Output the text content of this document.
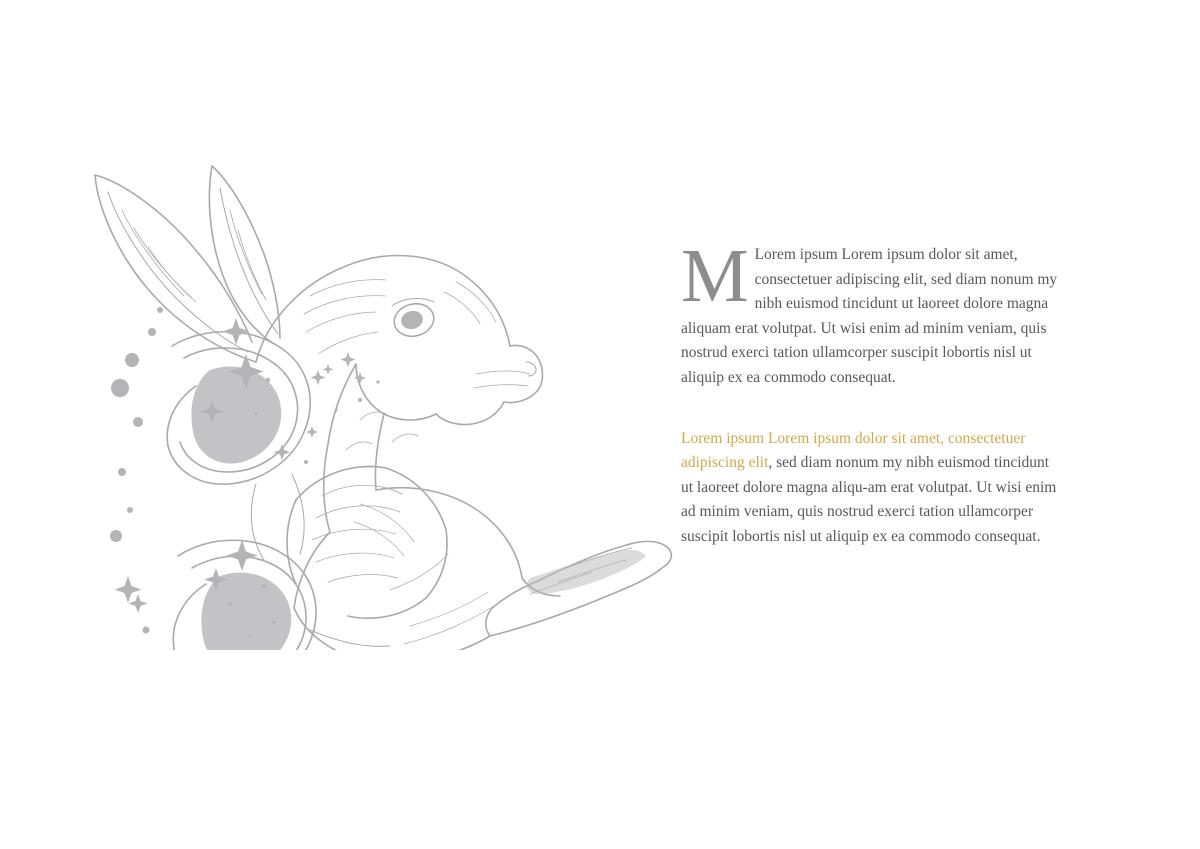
M Lorem ipsum Lorem ipsum dolor sit amet, consectetuer adipiscing elit, sed diam nonum my nibh euismod tincidunt ut laoreet dolore magna aliquam erat volutpat. Ut wisi enim ad minim veniam, quis nostrud exerci tation ullamcorper suscipit lobortis nisl ut aliquip ex ea commodo consequat.

Lorem ipsum Lorem ipsum dolor sit amet, consectetuer adipiscing elit, sed diam nonum my nibh euismod tincidunt ut laoreet dolore magna aliqu-am erat volutpat. Ut wisi enim ad minim veniam, quis nostrud exerci tation ullamcorper suscipit lobortis nisl ut aliquip ex ea commodo consequat.
